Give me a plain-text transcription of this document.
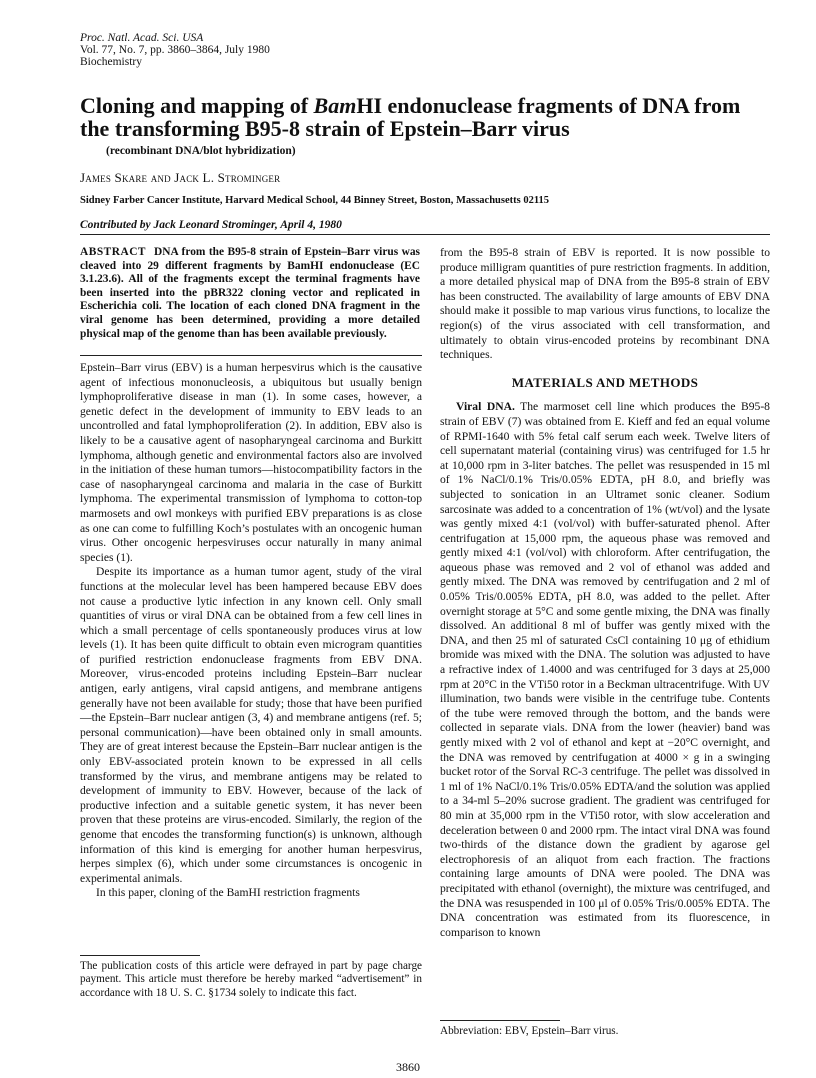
Proc. Natl. Acad. Sci. USA
Vol. 77, No. 7, pp. 3860–3864, July 1980
Biochemistry
Cloning and mapping of BamHI endonuclease fragments of DNA from the transforming B95-8 strain of Epstein–Barr virus
(recombinant DNA/blot hybridization)
James Skare and Jack L. Strominger
Sidney Farber Cancer Institute, Harvard Medical School, 44 Binney Street, Boston, Massachusetts 02115
Contributed by Jack Leonard Strominger, April 4, 1980
ABSTRACT DNA from the B95-8 strain of Epstein–Barr virus was cleaved into 29 different fragments by BamHI endonuclease (EC 3.1.23.6). All of the fragments except the terminal fragments have been inserted into the pBR322 cloning vector and replicated in Escherichia coli. The location of each cloned DNA fragment in the viral genome has been determined, providing a more detailed physical map of the genome than has been available previously.

Epstein–Barr virus (EBV) is a human herpesvirus which is the causative agent of infectious mononucleosis, a ubiquitous but usually benign lymphoproliferative disease in man (1). In some cases, however, a genetic defect in the development of immunity to EBV leads to an uncontrolled and fatal lymphoproliferation (2). In addition, EBV also is likely to be a causative agent of nasopharyngeal carcinoma and Burkitt lymphoma, although genetic and environmental factors also are involved in the initiation of these human tumors—histocompatibility factors in the case of nasopharyngeal carcinoma and malaria in the case of Burkitt lymphoma. The experimental transmission of lymphoma to cotton-top marmosets and owl monkeys with purified EBV preparations is as close as one can come to fulfilling Koch’s postulates with an oncogenic human virus. Other oncogenic herpesviruses occur naturally in many animal species (1).

Despite its importance as a human tumor agent, study of the viral functions at the molecular level has been hampered because EBV does not cause a productive lytic infection in any known cell. Only small quantities of virus or viral DNA can be obtained from a few cell lines in which a small percentage of cells spontaneously produces virus at low levels (1). It has been quite difficult to obtain even microgram quantities of purified restriction endonuclease fragments from EBV DNA. Moreover, virus-encoded proteins including Epstein–Barr nuclear antigen, early antigens, viral capsid antigens, and membrane antigens generally have not been available for study; those that have been purified—the Epstein–Barr nuclear antigen (3, 4) and membrane antigens (ref. 5; personal communication)—have been obtained only in small amounts. They are of great interest because the Epstein–Barr nuclear antigen is the only EBV-associated protein known to be expressed in all cells transformed by the virus, and membrane antigens may be related to development of immunity to EBV. However, because of the lack of productive infection and a suitable genetic system, it has never been proven that these proteins are virus-encoded. Similarly, the region of the genome that encodes the transforming function(s) is unknown, although information of this kind is emerging for another human herpesvirus, herpes simplex (6), which under some circumstances is oncogenic in experimental animals.

In this paper, cloning of the BamHI restriction fragments

from the B95-8 strain of EBV is reported. It is now possible to produce milligram quantities of pure restriction fragments. In addition, a more detailed physical map of DNA from the B95-8 strain of EBV has been constructed. The availability of large amounts of EBV DNA should make it possible to map various virus functions, to localize the region(s) of the virus associated with cell transformation, and ultimately to obtain virus-encoded proteins by recombinant DNA techniques.

MATERIALS AND METHODS

Viral DNA. The marmoset cell line which produces the B95-8 strain of EBV (7) was obtained from E. Kieff and fed an equal volume of RPMI-1640 with 5% fetal calf serum each week. Twelve liters of cell supernatant material (containing virus) was centrifuged for 1.5 hr at 10,000 rpm in 3-liter batches. The pellet was resuspended in 15 ml of 1% NaCl/0.1% Tris/0.05% EDTA, pH 8.0, and briefly was subjected to sonication in an Ultramet sonic cleaner. Sodium sarcosinate was added to a concentration of 1% (wt/vol) and the lysate was gently mixed 4:1 (vol/vol) with buffer-saturated phenol. After centrifugation at 15,000 rpm, the aqueous phase was removed and gently mixed 4:1 (vol/vol) with chloroform. After centrifugation, the aqueous phase was removed and 2 vol of ethanol was added and gently mixed. The DNA was removed by centrifugation and 2 ml of 0.05% Tris/0.005% EDTA, pH 8.0, was added to the pellet. After overnight storage at 5°C and some gentle mixing, the DNA was finally dissolved. An additional 8 ml of buffer was gently mixed with the DNA, and then 25 ml of saturated CsCl containing 10 μg of ethidium bromide was mixed with the DNA. The solution was adjusted to have a refractive index of 1.4000 and was centrifuged for 3 days at 25,000 rpm at 20°C in the VTi50 rotor in a Beckman ultracentrifuge. With UV illumination, two bands were visible in the centrifuge tube. Contents of the tube were removed through the bottom, and the bands were collected in separate vials. DNA from the lower (heavier) band was gently mixed with 2 vol of ethanol and kept at −20°C overnight, and the DNA was removed by centrifugation at 4000 × g in a swinging bucket rotor of the Sorval RC-3 centrifuge. The pellet was dissolved in 1 ml of 1% NaCl/0.1% Tris/0.05% EDTA/and the solution was applied to a 34-ml 5–20% sucrose gradient. The gradient was centrifuged for 80 min at 35,000 rpm in the VTi50 rotor, with slow acceleration and deceleration between 0 and 2000 rpm. The intact viral DNA was found two-thirds of the distance down the gradient by agarose gel electrophoresis of an aliquot from each fraction. The fractions containing large amounts of DNA were pooled. The DNA was precipitated with ethanol (overnight), the mixture was centrifuged, and the DNA was resuspended in 100 μl of 0.05% Tris/0.005% EDTA. The DNA concentration was estimated from its fluorescence, in comparison to known

The publication costs of this article were defrayed in part by page charge payment. This article must therefore be hereby marked “advertisement” in accordance with 18 U. S. C. §1734 solely to indicate this fact.
Abbreviation: EBV, Epstein–Barr virus.
3860
